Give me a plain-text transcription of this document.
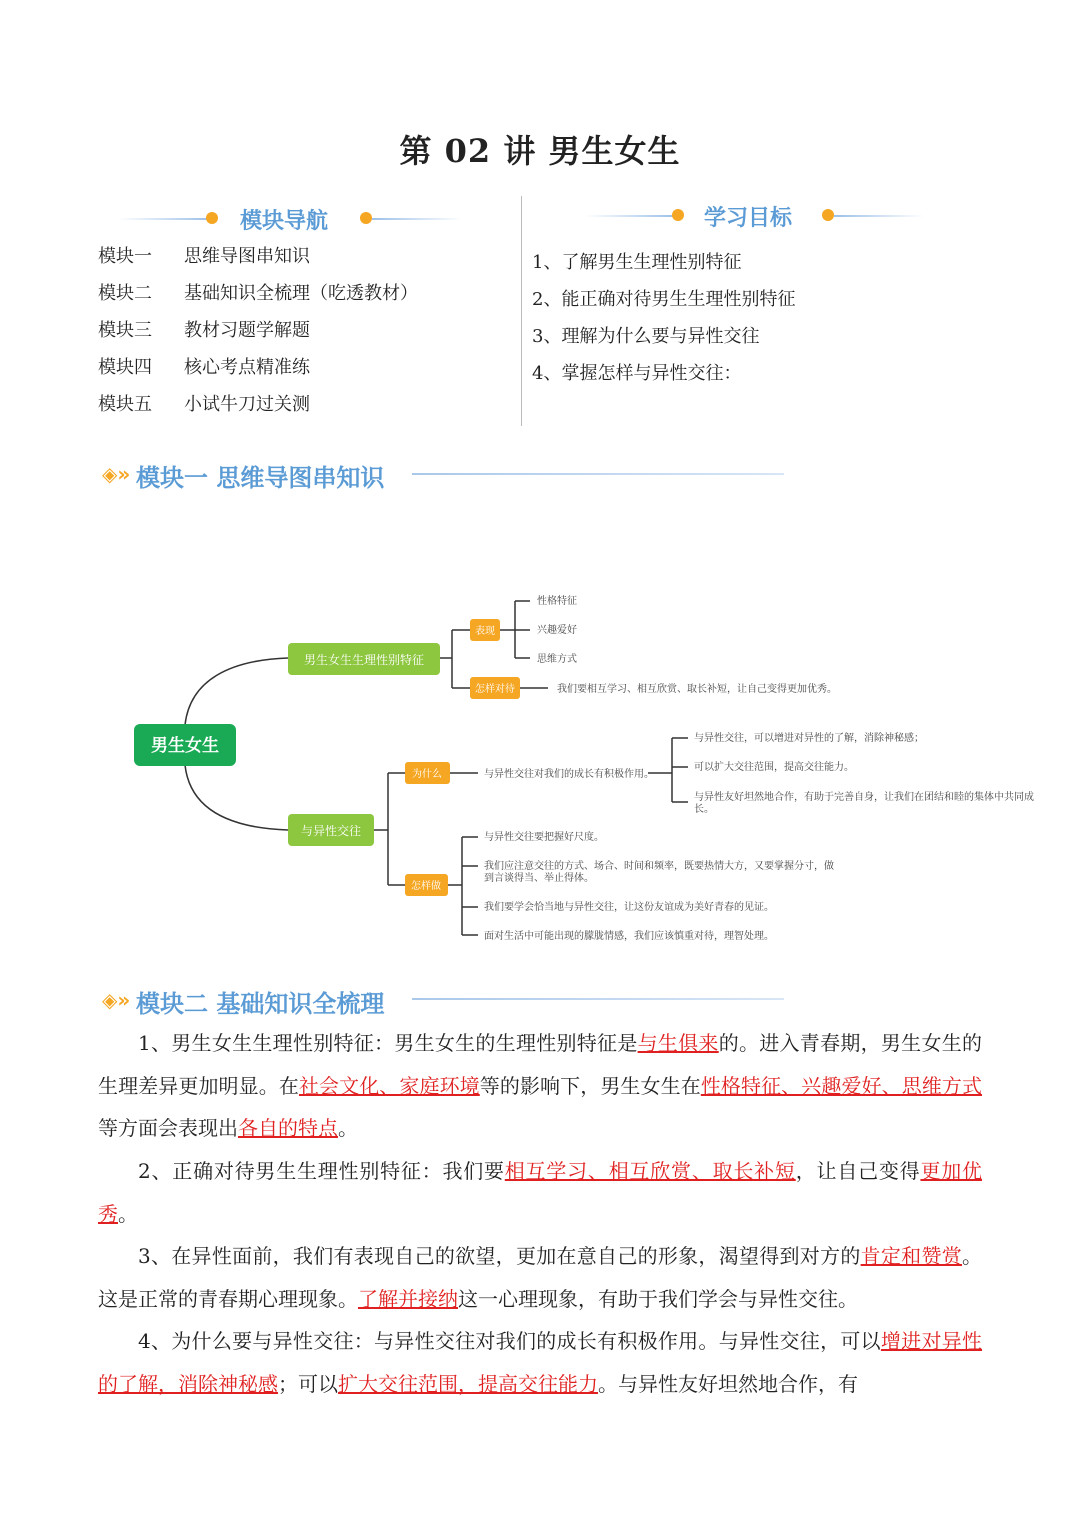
第 02 讲 男生女生
模块导航
模块一 思维导图串知识
模块二 基础知识全梳理（吃透教材）
模块三 教材习题学解题
模块四 核心考点精准练
模块五 小试牛刀过关测
学习目标
1、了解男生生理性别特征
2、能正确对待男生生理性别特征
3、理解为什么要与异性交往
4、掌握怎样与异性交往：
◈» 模块一 思维导图串知识
男生女生
男生女生生理性别特征
表现
性格特征
兴趣爱好
思维方式
怎样对待	我们要相互学习、相互欣赏、取长补短，让自己变得更加优秀。
与异性交往
为什么	与异性交往对我们的成长有积极作用。
与异性交往，可以增进对异性的了解，消除神秘感；
可以扩大交往范围，提高交往能力。
与异性友好坦然地合作，有助于完善自身，让我们在团结和睦的集体中共同成
长。
怎样做
与异性交往要把握好尺度。
我们应注意交往的方式、场合、时间和频率，既要热情大方，又要掌握分寸，做
到言谈得当、举止得体。
我们要学会恰当地与异性交往，让这份友谊成为美好青春的见证。
面对生活中可能出现的朦胧情感，我们应该慎重对待，理智处理。
◈» 模块二 基础知识全梳理
1、男生女生生理性别特征：男生女生的生理性别特征是与生俱来的。进入青春期，男生女生的生理差异更加明显。在社会文化、家庭环境等的影响下，男生女生在性格特征、兴趣爱好、思维方式等方面会表现出各自的特点。
2、正确对待男生生理性别特征：我们要相互学习、相互欣赏、取长补短，让自己变得更加优秀。
3、在异性面前，我们有表现自己的欲望，更加在意自己的形象，渴望得到对方的肯定和赞赏。这是正常的青春期心理现象。了解并接纳这一心理现象，有助于我们学会与异性交往。
4、为什么要与异性交往：与异性交往对我们的成长有积极作用。与异性交往，可以增进对异性的了解，消除神秘感；可以扩大交往范围，提高交往能力。与异性友好坦然地合作，有
